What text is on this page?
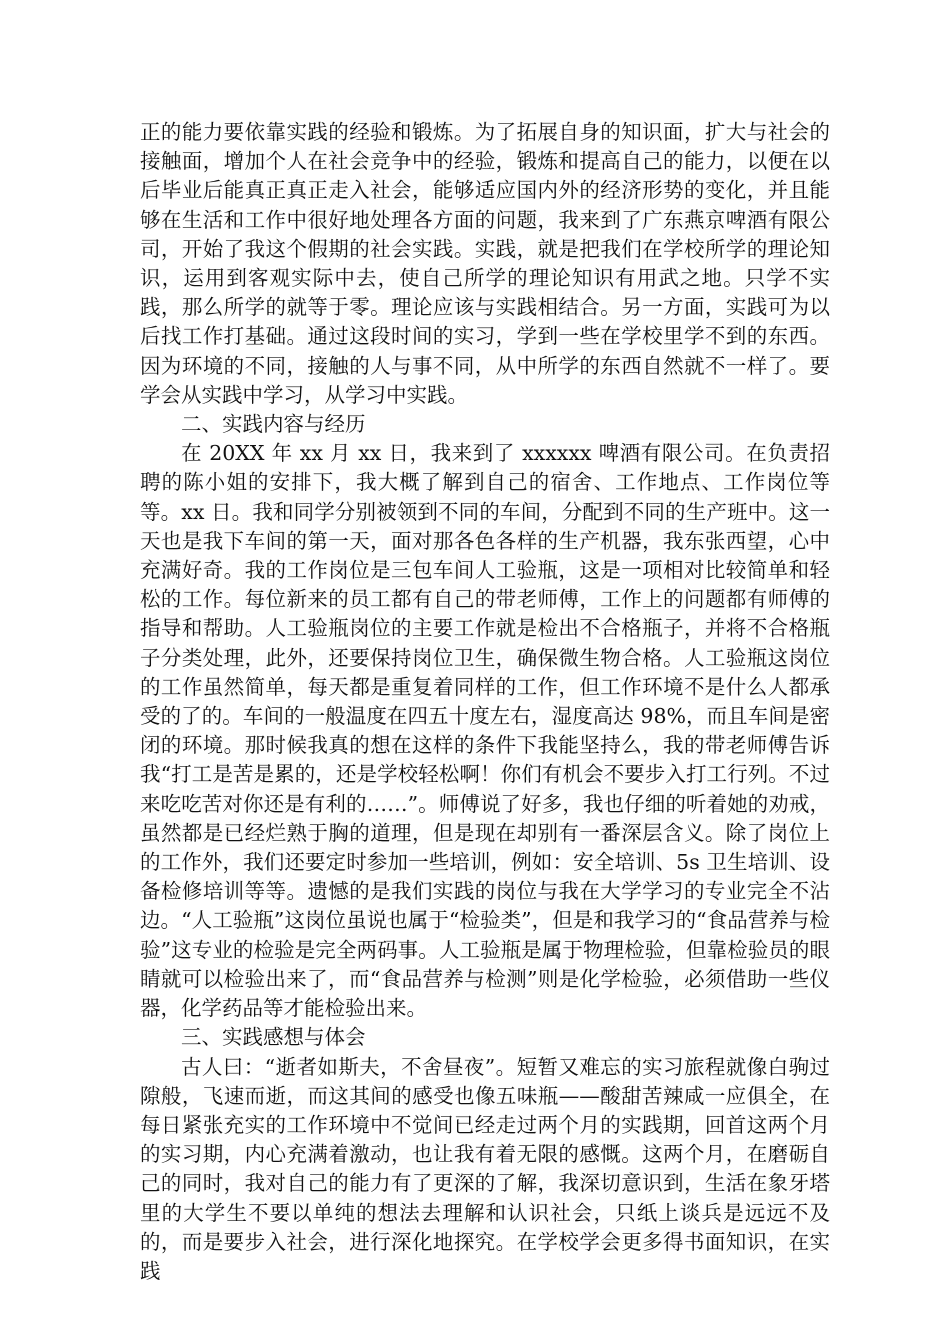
正的能力要依靠实践的经验和锻炼。为了拓展自身的知识面，扩大与社会的接触面，增加个人在社会竞争中的经验，锻炼和提高自己的能力，以便在以后毕业后能真正真正走入社会，能够适应国内外的经济形势的变化，并且能够在生活和工作中很好地处理各方面的问题，我来到了广东燕京啤酒有限公司，开始了我这个假期的社会实践。实践，就是把我们在学校所学的理论知识，运用到客观实际中去，使自己所学的理论知识有用武之地。只学不实践，那么所学的就等于零。理论应该与实践相结合。另一方面，实践可为以后找工作打基础。通过这段时间的实习，学到一些在学校里学不到的东西。因为环境的不同，接触的人与事不同，从中所学的东西自然就不一样了。要学会从实践中学习，从学习中实践。

二、实践内容与经历

在 20XX 年 xx 月 xx 日，我来到了 xxxxxx 啤酒有限公司。在负责招聘的陈小姐的安排下，我大概了解到自己的宿舍、工作地点、工作岗位等等。xx 日。我和同学分别被领到不同的车间，分配到不同的生产班中。这一天也是我下车间的第一天，面对那各色各样的生产机器，我东张西望，心中充满好奇。我的工作岗位是三包车间人工验瓶，这是一项相对比较简单和轻松的工作。每位新来的员工都有自己的带老师傅，工作上的问题都有师傅的指导和帮助。人工验瓶岗位的主要工作就是检出不合格瓶子，并将不合格瓶子分类处理，此外，还要保持岗位卫生，确保微生物合格。人工验瓶这岗位的工作虽然简单，每天都是重复着同样的工作，但工作环境不是什么人都承受的了的。车间的一般温度在四五十度左右，湿度高达 98%，而且车间是密闭的环境。那时候我真的想在这样的条件下我能坚持么，我的带老师傅告诉我“打工是苦是累的，还是学校轻松啊！你们有机会不要步入打工行列。不过来吃吃苦对你还是有利的……”。师傅说了好多，我也仔细的听着她的劝戒，虽然都是已经烂熟于胸的道理，但是现在却别有一番深层含义。除了岗位上的工作外，我们还要定时参加一些培训，例如：安全培训、5s 卫生培训、设备检修培训等等。遗憾的是我们实践的岗位与我在大学学习的专业完全不沾边。“人工验瓶”这岗位虽说也属于“检验类”，但是和我学习的“食品营养与检验”这专业的检验是完全两码事。人工验瓶是属于物理检验，但靠检验员的眼睛就可以检验出来了，而“食品营养与检测”则是化学检验，必须借助一些仪器，化学药品等才能检验出来。

三、实践感想与体会

古人曰：“逝者如斯夫，不舍昼夜”。短暂又难忘的实习旅程就像白驹过隙般，飞速而逝，而这其间的感受也像五味瓶——酸甜苦辣咸一应俱全，在每日紧张充实的工作环境中不觉间已经走过两个月的实践期，回首这两个月的实习期，内心充满着激动，也让我有着无限的感慨。这两个月，在磨砺自己的同时，我对自己的能力有了更深的了解，我深切意识到，生活在象牙塔里的大学生不要以单纯的想法去理解和认识社会，只纸上谈兵是远远不及的，而是要步入社会，进行深化地探究。在学校学会更多得书面知识，在实践
